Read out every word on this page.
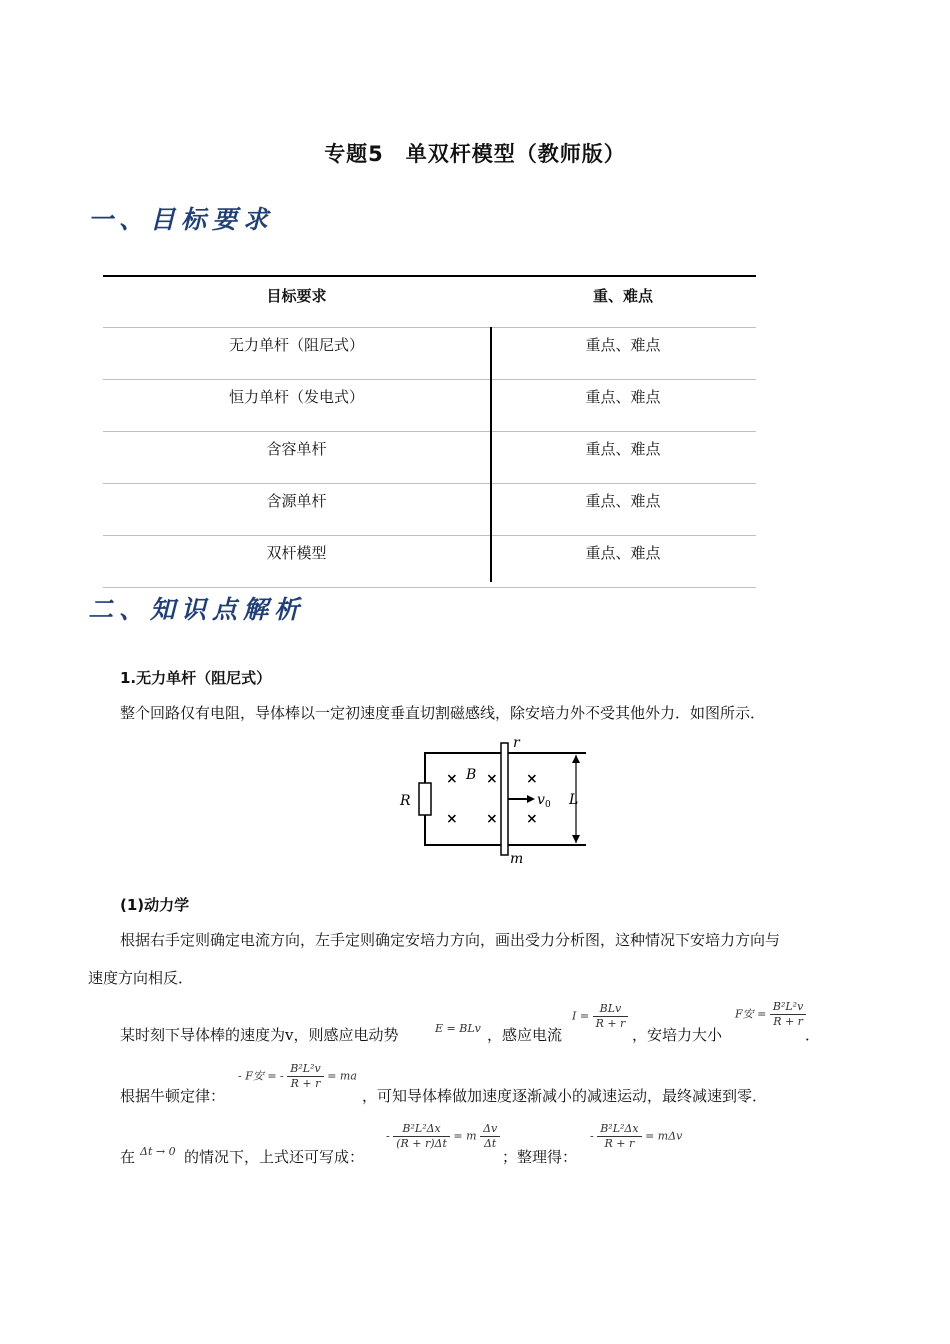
专题5　单双杆模型（教师版）
一、目标要求
目标要求	重、难点
无力单杆（阻尼式）	重点、难点
恒力单杆（发电式）	重点、难点
含容单杆	重点、难点
含源单杆	重点、难点
双杆模型	重点、难点
二、知识点解析
1.无力单杆（阻尼式）
整个回路仅有电阻，导体棒以一定初速度垂直切割磁感线，除安培力外不受其他外力．如图所示．
× × ×
× × ×
R
r
B
v L
m
0
(1)动力学
根据右手定则确定电流方向，左手定则确定安培力方向，画出受力分析图，这种情况下安培力方向与
速度方向相反．
某时刻下导体棒的速度为v，则感应电动势	E = BLv ，感应电流
$I = \frac{\text{BLv}}{R + r}$
，安培力大小
F安 = $\frac{\text{B²L²v}}{R + r}$
．
根据牛顿定律：
- F安 = - $\frac{\text{B²L²v}}{R + r}$ = ma
，可知导体棒做加速度逐渐减小的减速运动，最终减速到零．
在 Δt → 0 的情况下，上式还可写成：
- $\frac{\text{B²L²Δx}}{(R + r)\Delta t} = m \frac{\Delta v}{\Delta t}$
；整理得：
- $\frac{\text{B²L²Δx}}{R + r} = m\Delta v$
